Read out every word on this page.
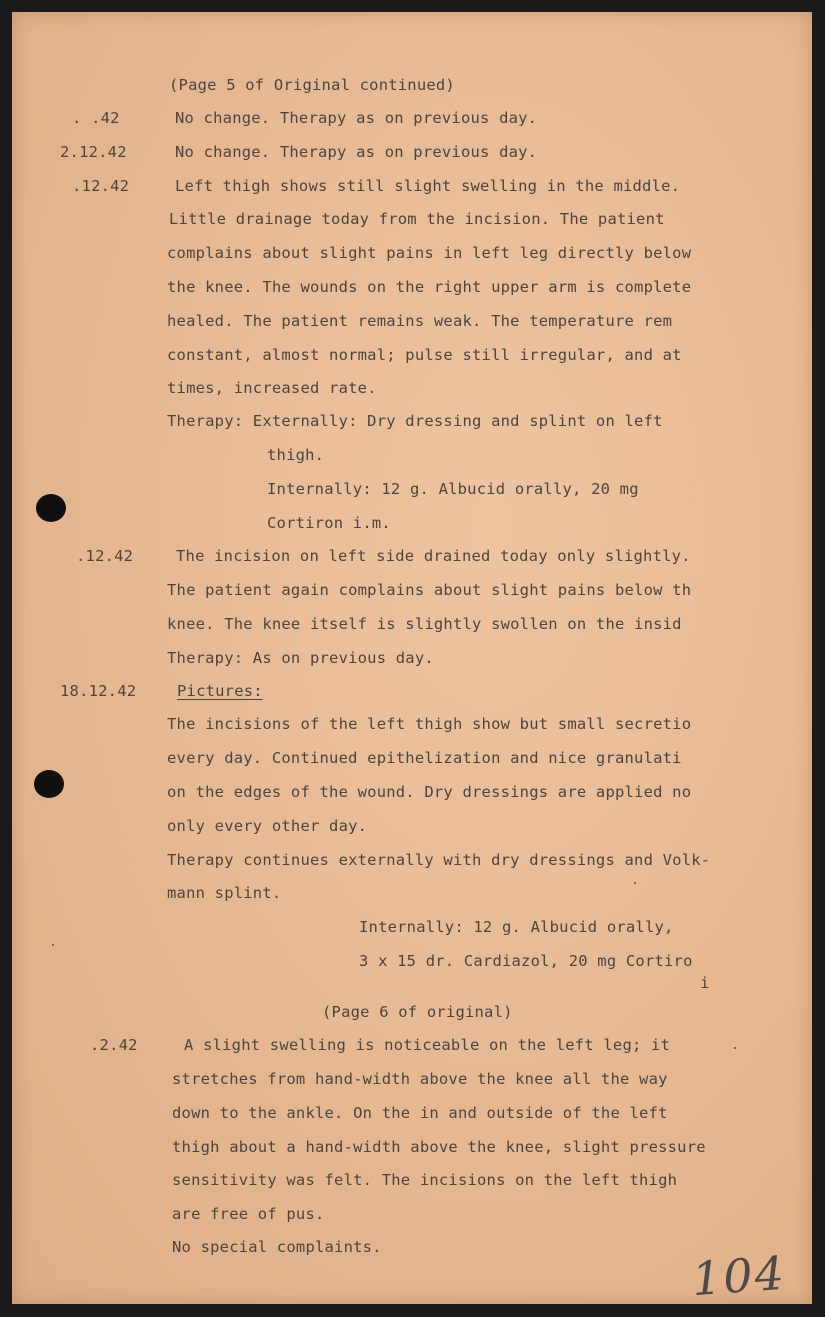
(Page 5 of Original continued)
. .42	No change. Therapy as on previous day.
2.12.42	No change. Therapy as on previous day.
.12.42	Left thigh shows still slight swelling in the middle.
Little drainage today from the incision. The patient
complains about slight pains in left leg directly below
the knee. The wounds on the right upper arm is complete
healed. The patient remains weak. The temperature rem
constant, almost normal; pulse still irregular, and at
times, increased rate.
Therapy: Externally: Dry dressing and splint on left
thigh.
Internally: 12 g. Albucid orally, 20 mg
Cortiron i.m.
.12.42	The incision on left side drained today only slightly.
The patient again complains about slight pains below th
knee. The knee itself is slightly swollen on the insid
Therapy: As on previous day.
18.12.42	Pictures:
The incisions of the left thigh show but small secretio
every day. Continued epithelization and nice granulati
on the edges of the wound. Dry dressings are applied no
only every other day.
Therapy continues externally with dry dressings and Volk-
mann splint.
Internally: 12 g. Albucid orally,
3 x 15 dr. Cardiazol, 20 mg Cortiro
i
(Page 6 of original)
.2.42	A slight swelling is noticeable on the left leg; it
stretches from hand-width above the knee all the way
down to the ankle. On the in and outside of the left
thigh about a hand-width above the knee, slight pressure
sensitivity was felt. The incisions on the left thigh
are free of pus.
No special complaints.	104
